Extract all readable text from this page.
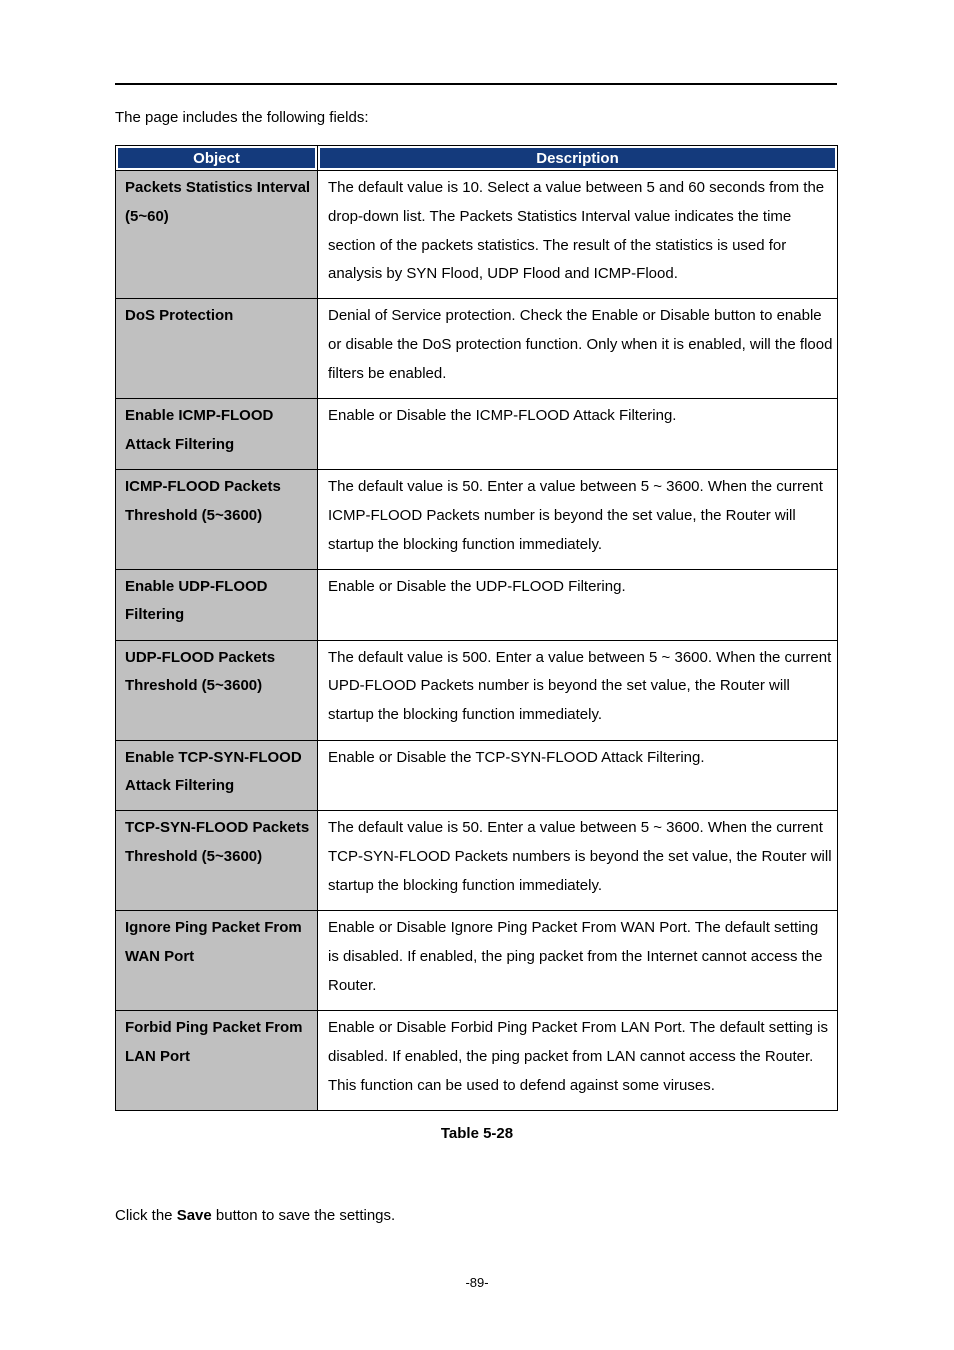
The page includes the following fields:
Object	Description
Packets Statistics Interval (5~60)	The default value is 10. Select a value between 5 and 60 seconds from the drop-down list. The Packets Statistics Interval value indicates the time section of the packets statistics. The result of the statistics is used for analysis by SYN Flood, UDP Flood and ICMP-Flood.
DoS Protection	Denial of Service protection. Check the Enable or Disable button to enable or disable the DoS protection function. Only when it is enabled, will the flood filters be enabled.
Enable ICMP-FLOOD Attack Filtering	Enable or Disable the ICMP-FLOOD Attack Filtering.
ICMP-FLOOD Packets Threshold (5~3600)	The default value is 50. Enter a value between 5 ~ 3600. When the current ICMP-FLOOD Packets number is beyond the set value, the Router will startup the blocking function immediately.
Enable UDP-FLOOD Filtering	Enable or Disable the UDP-FLOOD Filtering.
UDP-FLOOD Packets Threshold (5~3600)	The default value is 500. Enter a value between 5 ~ 3600. When the current UPD-FLOOD Packets number is beyond the set value, the Router will startup the blocking function immediately.
Enable TCP-SYN-FLOOD Attack Filtering	Enable or Disable the TCP-SYN-FLOOD Attack Filtering.
TCP-SYN-FLOOD Packets Threshold (5~3600)	The default value is 50. Enter a value between 5 ~ 3600. When the current TCP-SYN-FLOOD Packets numbers is beyond the set value, the Router will startup the blocking function immediately.
Ignore Ping Packet From WAN Port	Enable or Disable Ignore Ping Packet From WAN Port. The default setting is disabled. If enabled, the ping packet from the Internet cannot access the Router.
Forbid Ping Packet From LAN Port	Enable or Disable Forbid Ping Packet From LAN Port. The default setting is disabled. If enabled, the ping packet from LAN cannot access the Router. This function can be used to defend against some viruses.
Table 5-28
Click the Save button to save the settings.
-89-
